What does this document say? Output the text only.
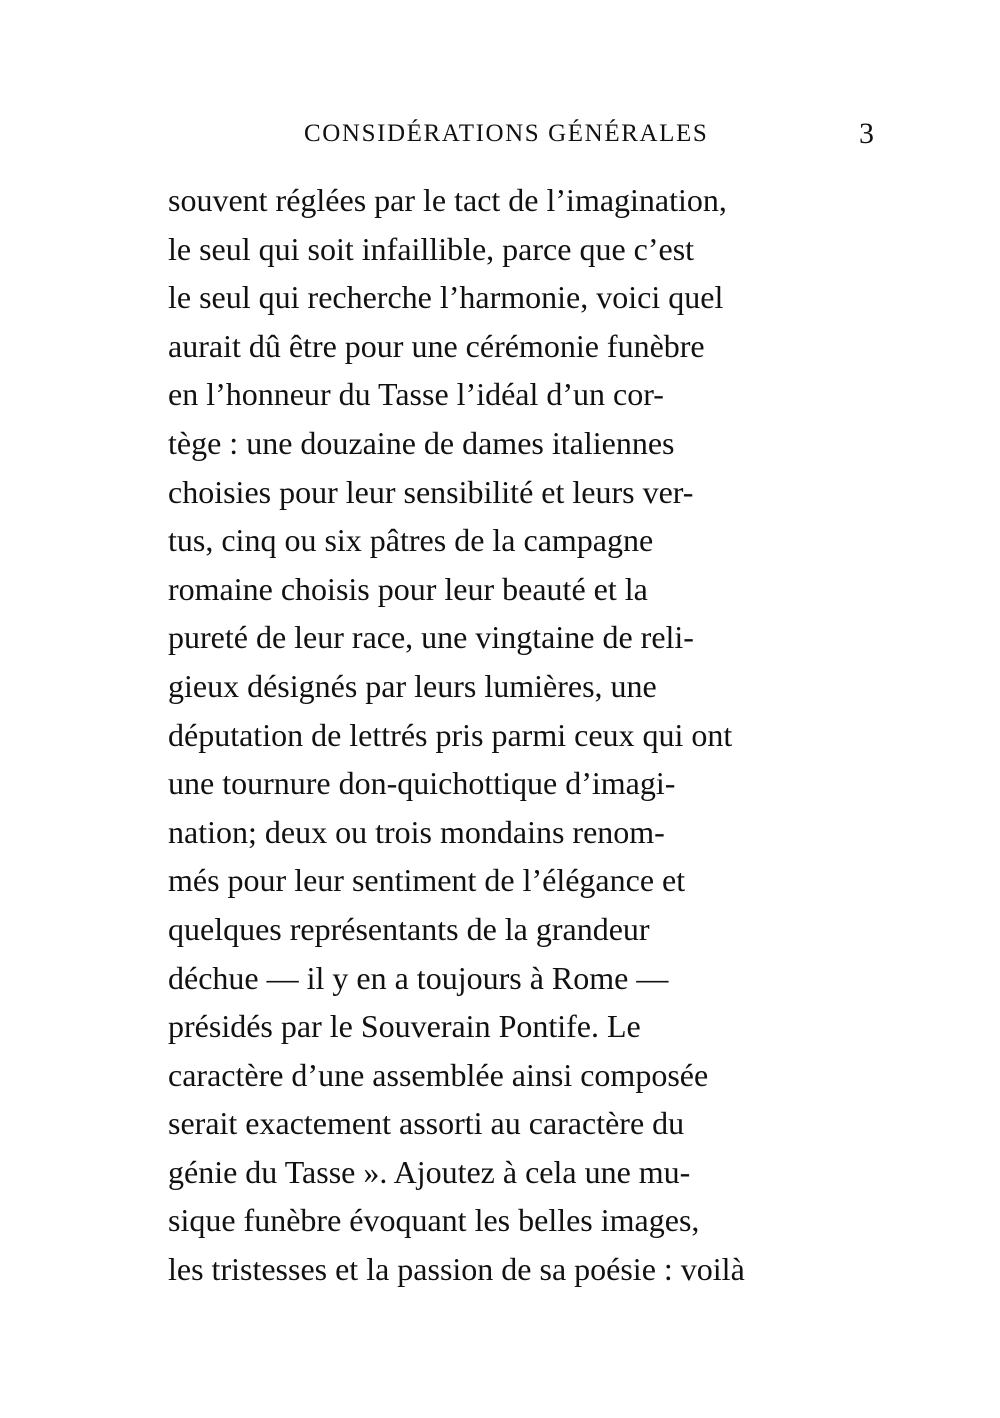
CONSIDÉRATIONS GÉNÉRALES	3
souvent réglées par le tact de l’imagination,
le seul qui soit infaillible, parce que c’est
le seul qui recherche l’harmonie, voici quel
aurait dû être pour une cérémonie funèbre
en l’honneur du Tasse l’idéal d’un cor-
tège : une douzaine de dames italiennes
choisies pour leur sensibilité et leurs ver-
tus, cinq ou six pâtres de la campagne
romaine choisis pour leur beauté et la
pureté de leur race, une vingtaine de reli-
gieux désignés par leurs lumières, une
députation de lettrés pris parmi ceux qui ont
une tournure don-quichottique d’imagi-
nation; deux ou trois mondains renom-
més pour leur sentiment de l’élégance et
quelques représentants de la grandeur
déchue — il y en a toujours à Rome —
présidés par le Souverain Pontife. Le
caractère d’une assemblée ainsi composée
serait exactement assorti au caractère du
génie du Tasse ». Ajoutez à cela une mu-
sique funèbre évoquant les belles images,
les tristesses et la passion de sa poésie : voilà
